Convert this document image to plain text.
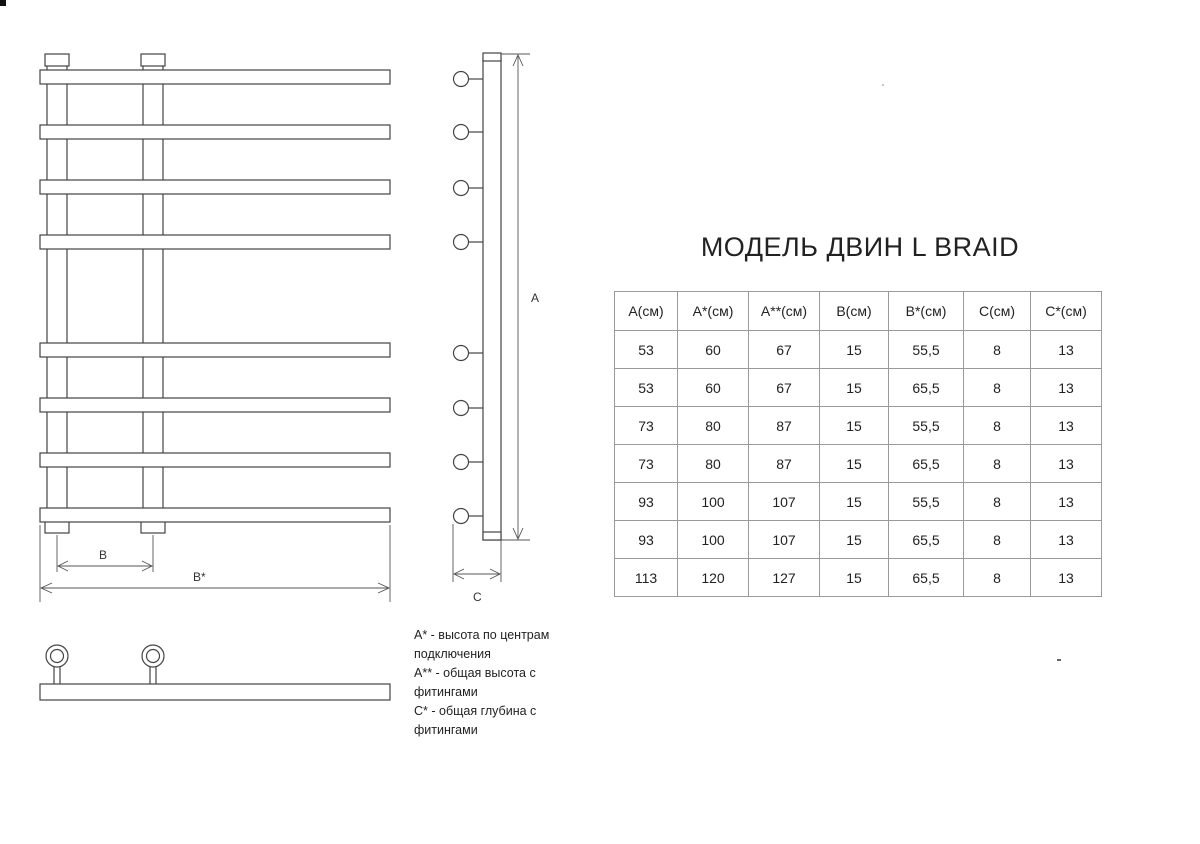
B
B*
A
C
МОДЕЛЬ ДВИН L BRAID
A(см)	A*(см)	A**(см)	B(см)	B*(см)	C(см)	C*(см)
53	60	67	15	55,5	8	13
53	60	67	15	65,5	8	13
73	80	87	15	55,5	8	13
73	80	87	15	65,5	8	13
93	100	107	15	55,5	8	13
93	100	107	15	65,5	8	13
113	120	127	15	65,5	8	13
A* - высота по центрам
подключения
A** - общая высота с
фитингами
C* - общая глубина с
фитингами
